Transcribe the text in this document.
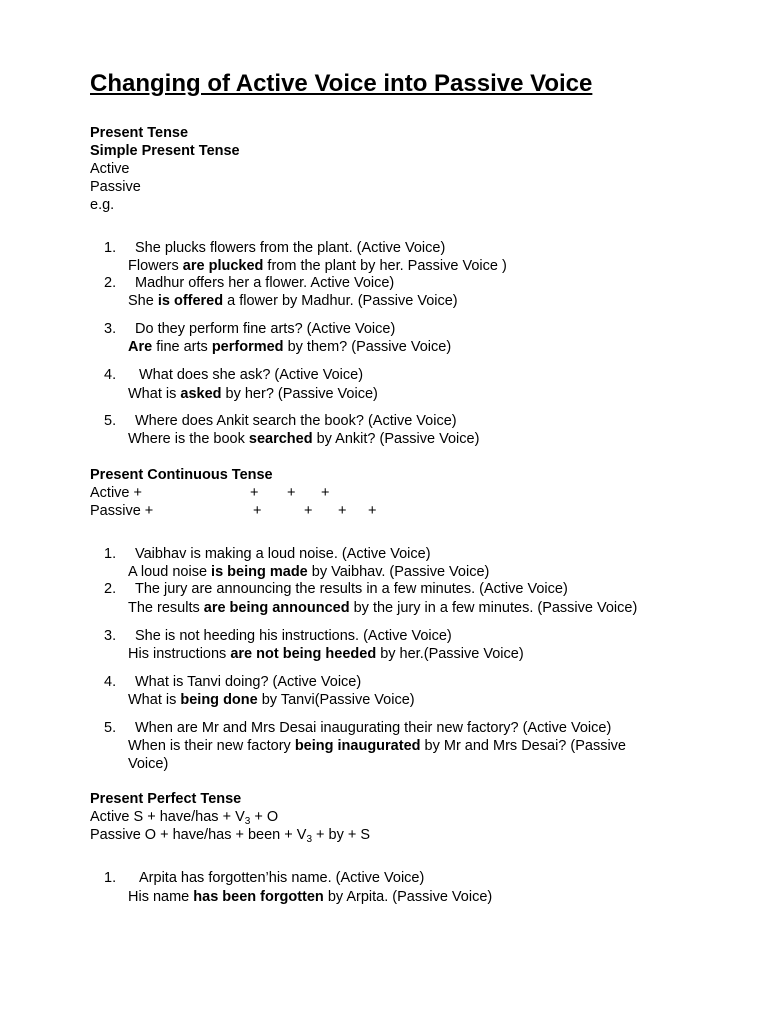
Changing of Active Voice into Passive Voice
Present Tense
Simple Present Tense
Active
Passive
e.g.
1. She plucks flowers from the plant. (Active Voice)
Flowers are plucked from the plant by her. Passive Voice )
2. Madhur offers her a flower. Active Voice)
She is offered a flower by Madhur. (Passive Voice)
3. Do they perform fine arts? (Active Voice)
Are fine arts performed by them? (Passive Voice)
4. What does she ask? (Active Voice)
What is asked by her? (Passive Voice)
5. Where does Ankit search the book? (Active Voice)
Where is the book searched by Ankit? (Passive Voice)
Present Continuous Tense
Active +	+ + +
Passive +	+	+ + +
1. Vaibhav is making a loud noise. (Active Voice)
A loud noise is being made by Vaibhav. (Passive Voice)
2. The jury are announcing the results in a few minutes. (Active Voice)
The results are being announced by the jury in a few minutes. (Passive Voice)
3. She is not heeding his instructions. (Active Voice)
His instructions are not being heeded by her.(Passive Voice)
4. What is Tanvi doing? (Active Voice)
What is being done by Tanvi(Passive Voice)
5. When are Mr and Mrs Desai inaugurating their new factory? (Active Voice)
When is their new factory being inaugurated by Mr and Mrs Desai? (Passive
Voice)
Present Perfect Tense
Active S + have/has + $V_3 + O$
Passive O + have/has + been + $V_3$ + by + S
1. Arpita has forgotten’his name. (Active Voice)
His name has been forgotten by Arpita. (Passive Voice)
